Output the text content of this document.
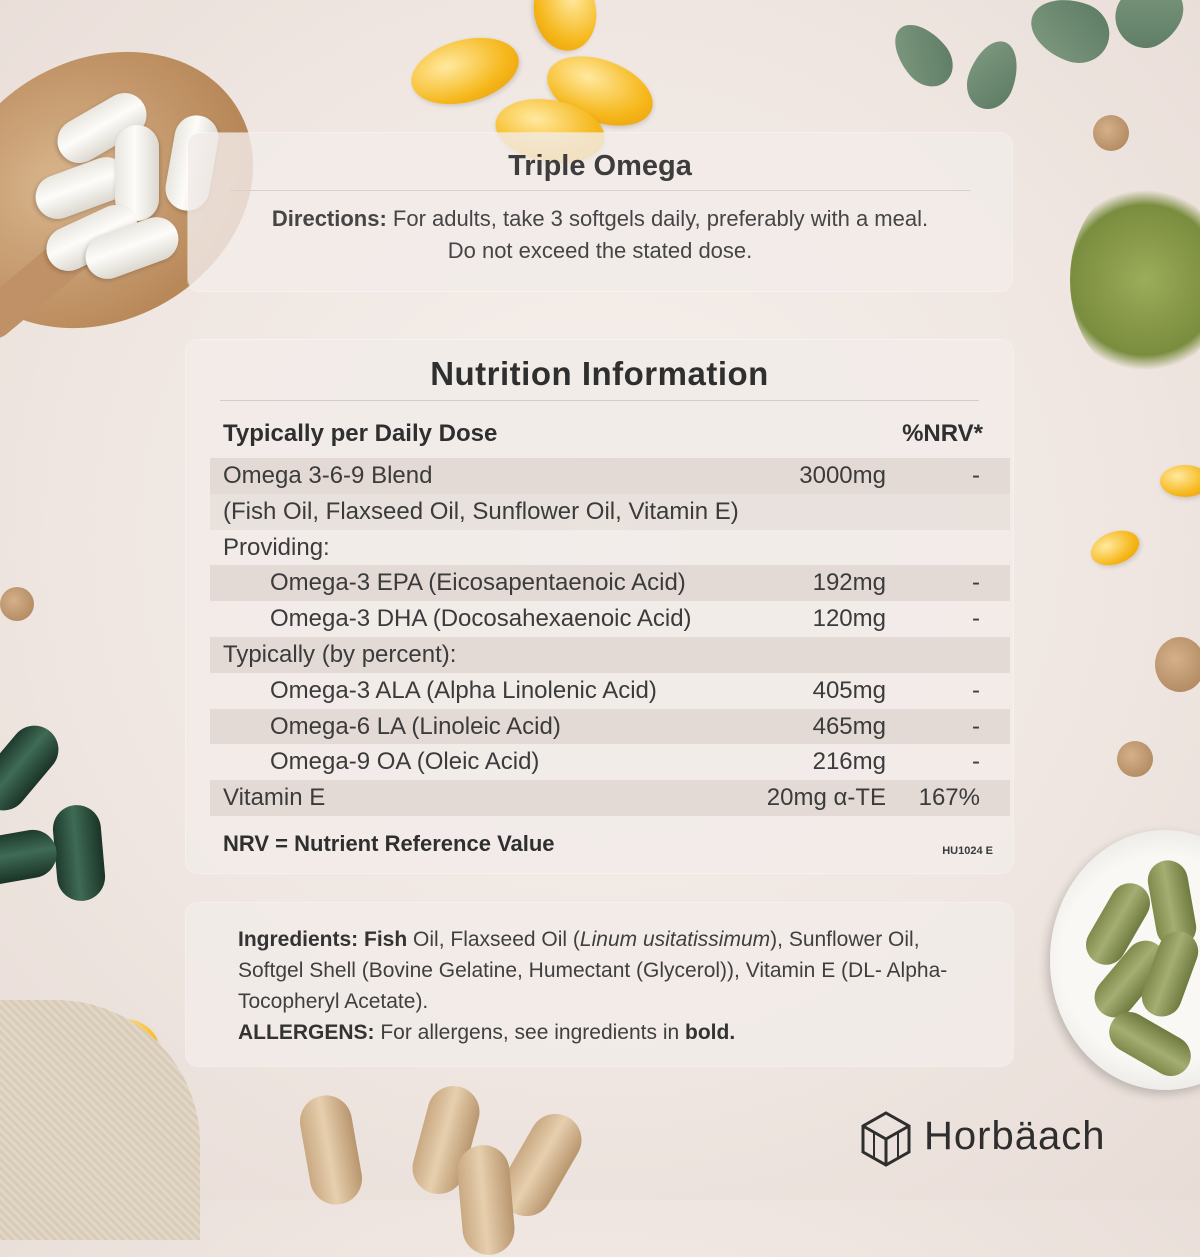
Triple Omega
Directions: For adults, take 3 softgels daily, preferably with a meal.
Do not exceed the stated dose.
Nutrition Information
Typically per Daily Dose	%NRV*
Omega 3-6-9 Blend	3000mg	-
(Fish Oil, Flaxseed Oil, Sunflower Oil, Vitamin E)
Providing:
Omega-3 EPA (Eicosapentaenoic Acid)	192mg	-
Omega-3 DHA (Docosahexaenoic Acid)	120mg	-
Typically (by percent):
Omega-3 ALA (Alpha Linolenic Acid)	405mg	-
Omega-6 LA (Linoleic Acid)	465mg	-
Omega-9 OA (Oleic Acid)	216mg	-
Vitamin E	20mg α-TE 167%
NRV = Nutrient Reference Value	HU1024 E
Ingredients: Fish Oil, Flaxseed Oil (Linum usitatissimum), Sunflower Oil, Softgel Shell (Bovine Gelatine, Humectant (Glycerol)), Vitamin E (DL- Alpha-Tocopheryl Acetate).
ALLERGENS: For allergens, see ingredients in bold.
Horbäach
